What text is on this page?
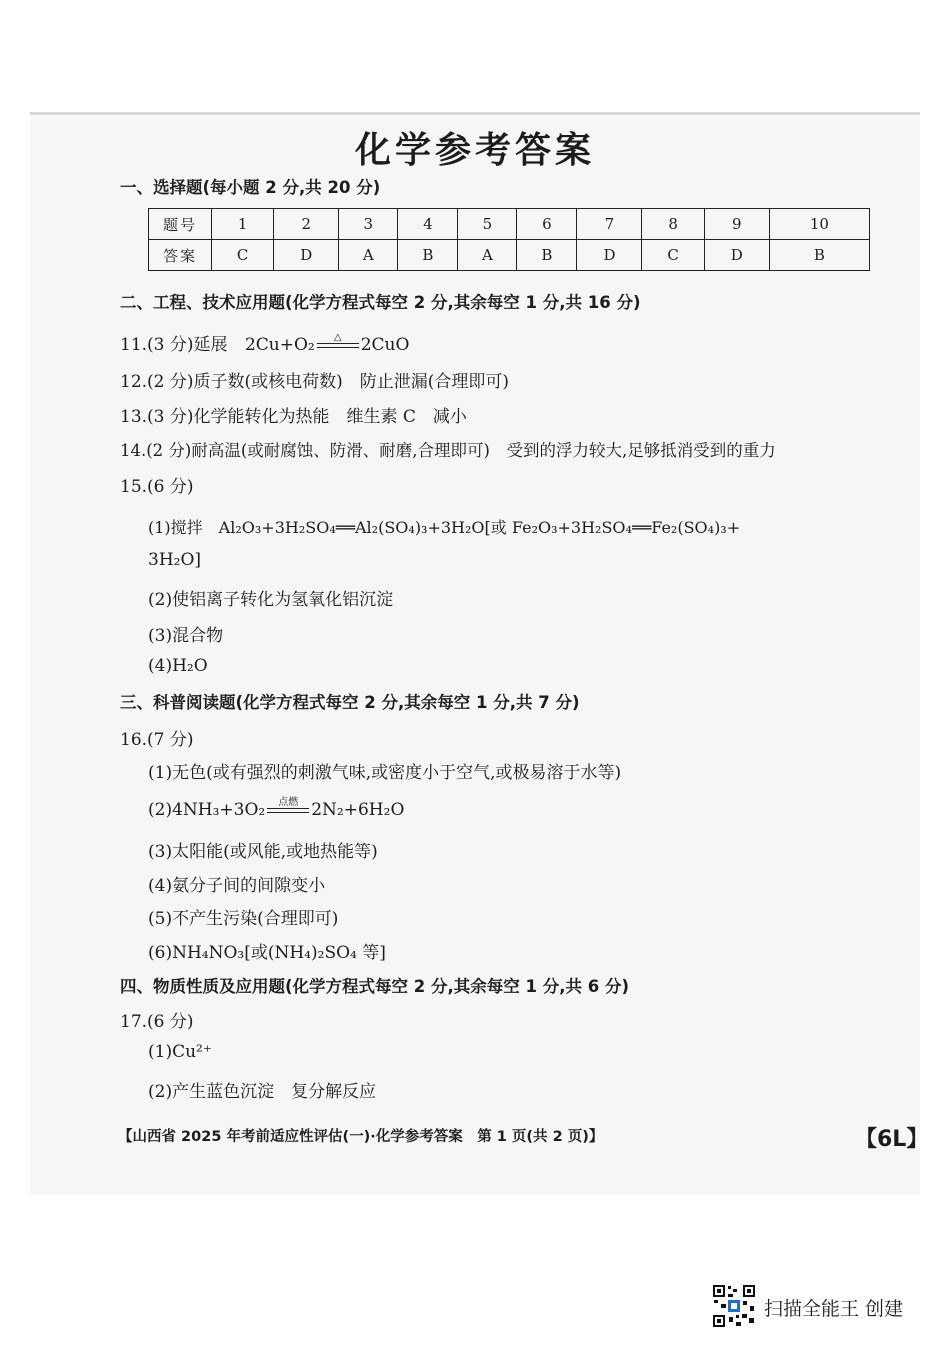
化学参考答案
一、选择题(每小题 2 分,共 20 分)
题号	1	2	3	4	5	6	7	8	9	10
答案	C	D	A	B	A	B	D	C	D	B
二、工程、技术应用题(化学方程式每空 2 分,其余每空 1 分,共 16 分)
11.(3 分)延展 2Cu+O₂	△	2CuO
12.(2 分)质子数(或核电荷数)　防止泄漏(合理即可)
13.(3 分)化学能转化为热能　维生素 C　减小
14.(2 分)耐高温(或耐腐蚀、防滑、耐磨,合理即可)　受到的浮力较大,足够抵消受到的重力
15.(6 分)
(1)搅拌　Al₂O₃+3H₂SO₄══Al₂(SO₄)₃+3H₂O[或 Fe₂O₃+3H₂SO₄══Fe₂(SO₄)₃+
3H₂O]
(2)使铝离子转化为氢氧化铝沉淀
(3)混合物
(4)H₂O
三、科普阅读题(化学方程式每空 2 分,其余每空 1 分,共 7 分)
16.(7 分)
(1)无色(或有强烈的刺激气味,或密度小于空气,或极易溶于水等)
(2)4NH₃+3O₂	点燃 2N₂+6H₂O
(3)太阳能(或风能,或地热能等)
(4)氨分子间的间隙变小
(5)不产生污染(合理即可)
(6)NH₄NO₃[或(NH₄)₂SO₄ 等]
四、物质性质及应用题(化学方程式每空 2 分,其余每空 1 分,共 6 分)
17.(6 分)
(1)Cu²⁺
(2)产生蓝色沉淀　复分解反应
【山西省 2025 年考前适应性评估(一)·化学参考答案　第 1 页(共 2 页)】	【6L】
扫描全能王 创建
